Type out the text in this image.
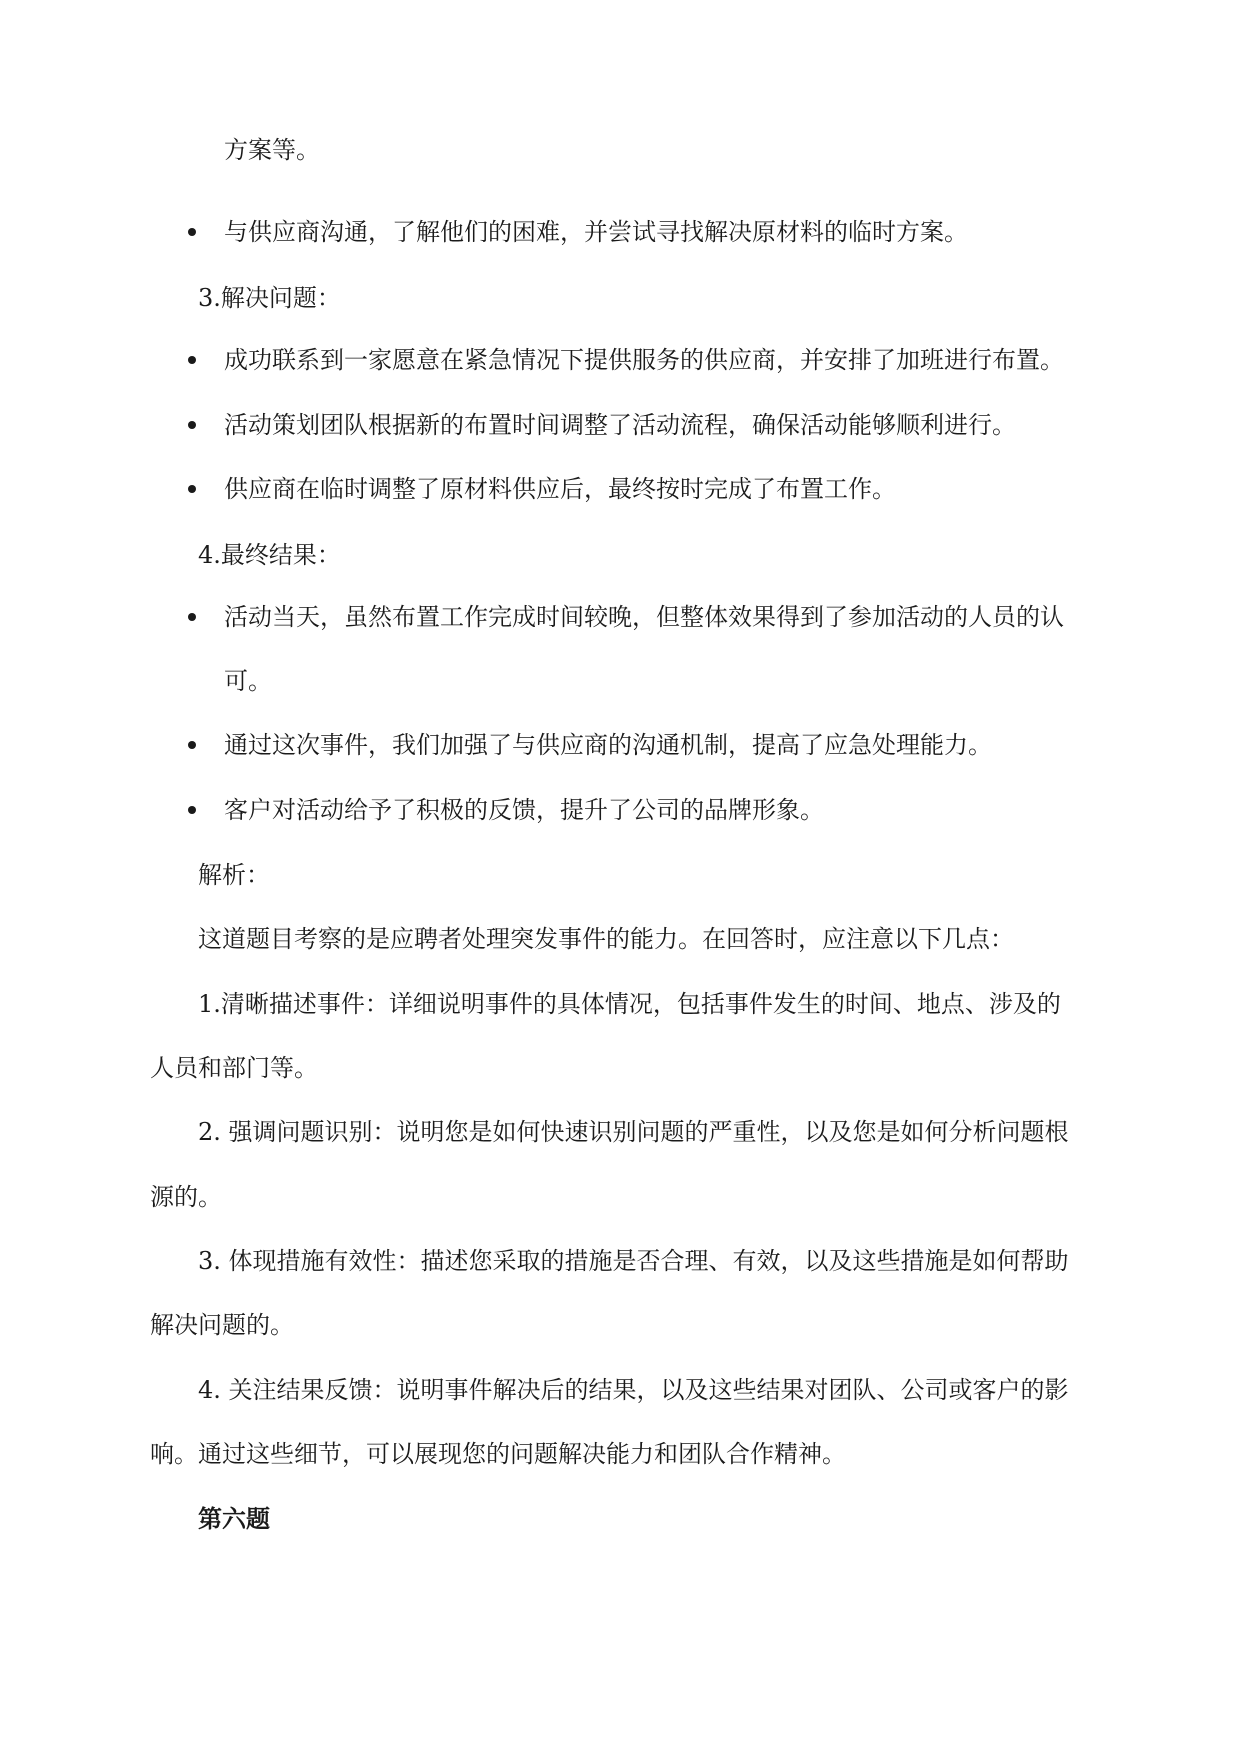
方案等。
与供应商沟通，了解他们的困难，并尝试寻找解决原材料的临时方案。
3.解决问题：
成功联系到一家愿意在紧急情况下提供服务的供应商，并安排了加班进行布置。
活动策划团队根据新的布置时间调整了活动流程，确保活动能够顺利进行。
供应商在临时调整了原材料供应后，最终按时完成了布置工作。
4.最终结果：
活动当天，虽然布置工作完成时间较晚，但整体效果得到了参加活动的人员的认
可。
通过这次事件，我们加强了与供应商的沟通机制，提高了应急处理能力。
客户对活动给予了积极的反馈，提升了公司的品牌形象。
解析：
这道题目考察的是应聘者处理突发事件的能力。在回答时，应注意以下几点：
1.清晰描述事件：详细说明事件的具体情况，包括事件发生的时间、地点、涉及的
人员和部门等。
2. 强调问题识别：说明您是如何快速识别问题的严重性，以及您是如何分析问题根
源的。
3. 体现措施有效性：描述您采取的措施是否合理、有效，以及这些措施是如何帮助
解决问题的。
4. 关注结果反馈：说明事件解决后的结果，以及这些结果对团队、公司或客户的影
响。通过这些细节，可以展现您的问题解决能力和团队合作精神。
第六题
